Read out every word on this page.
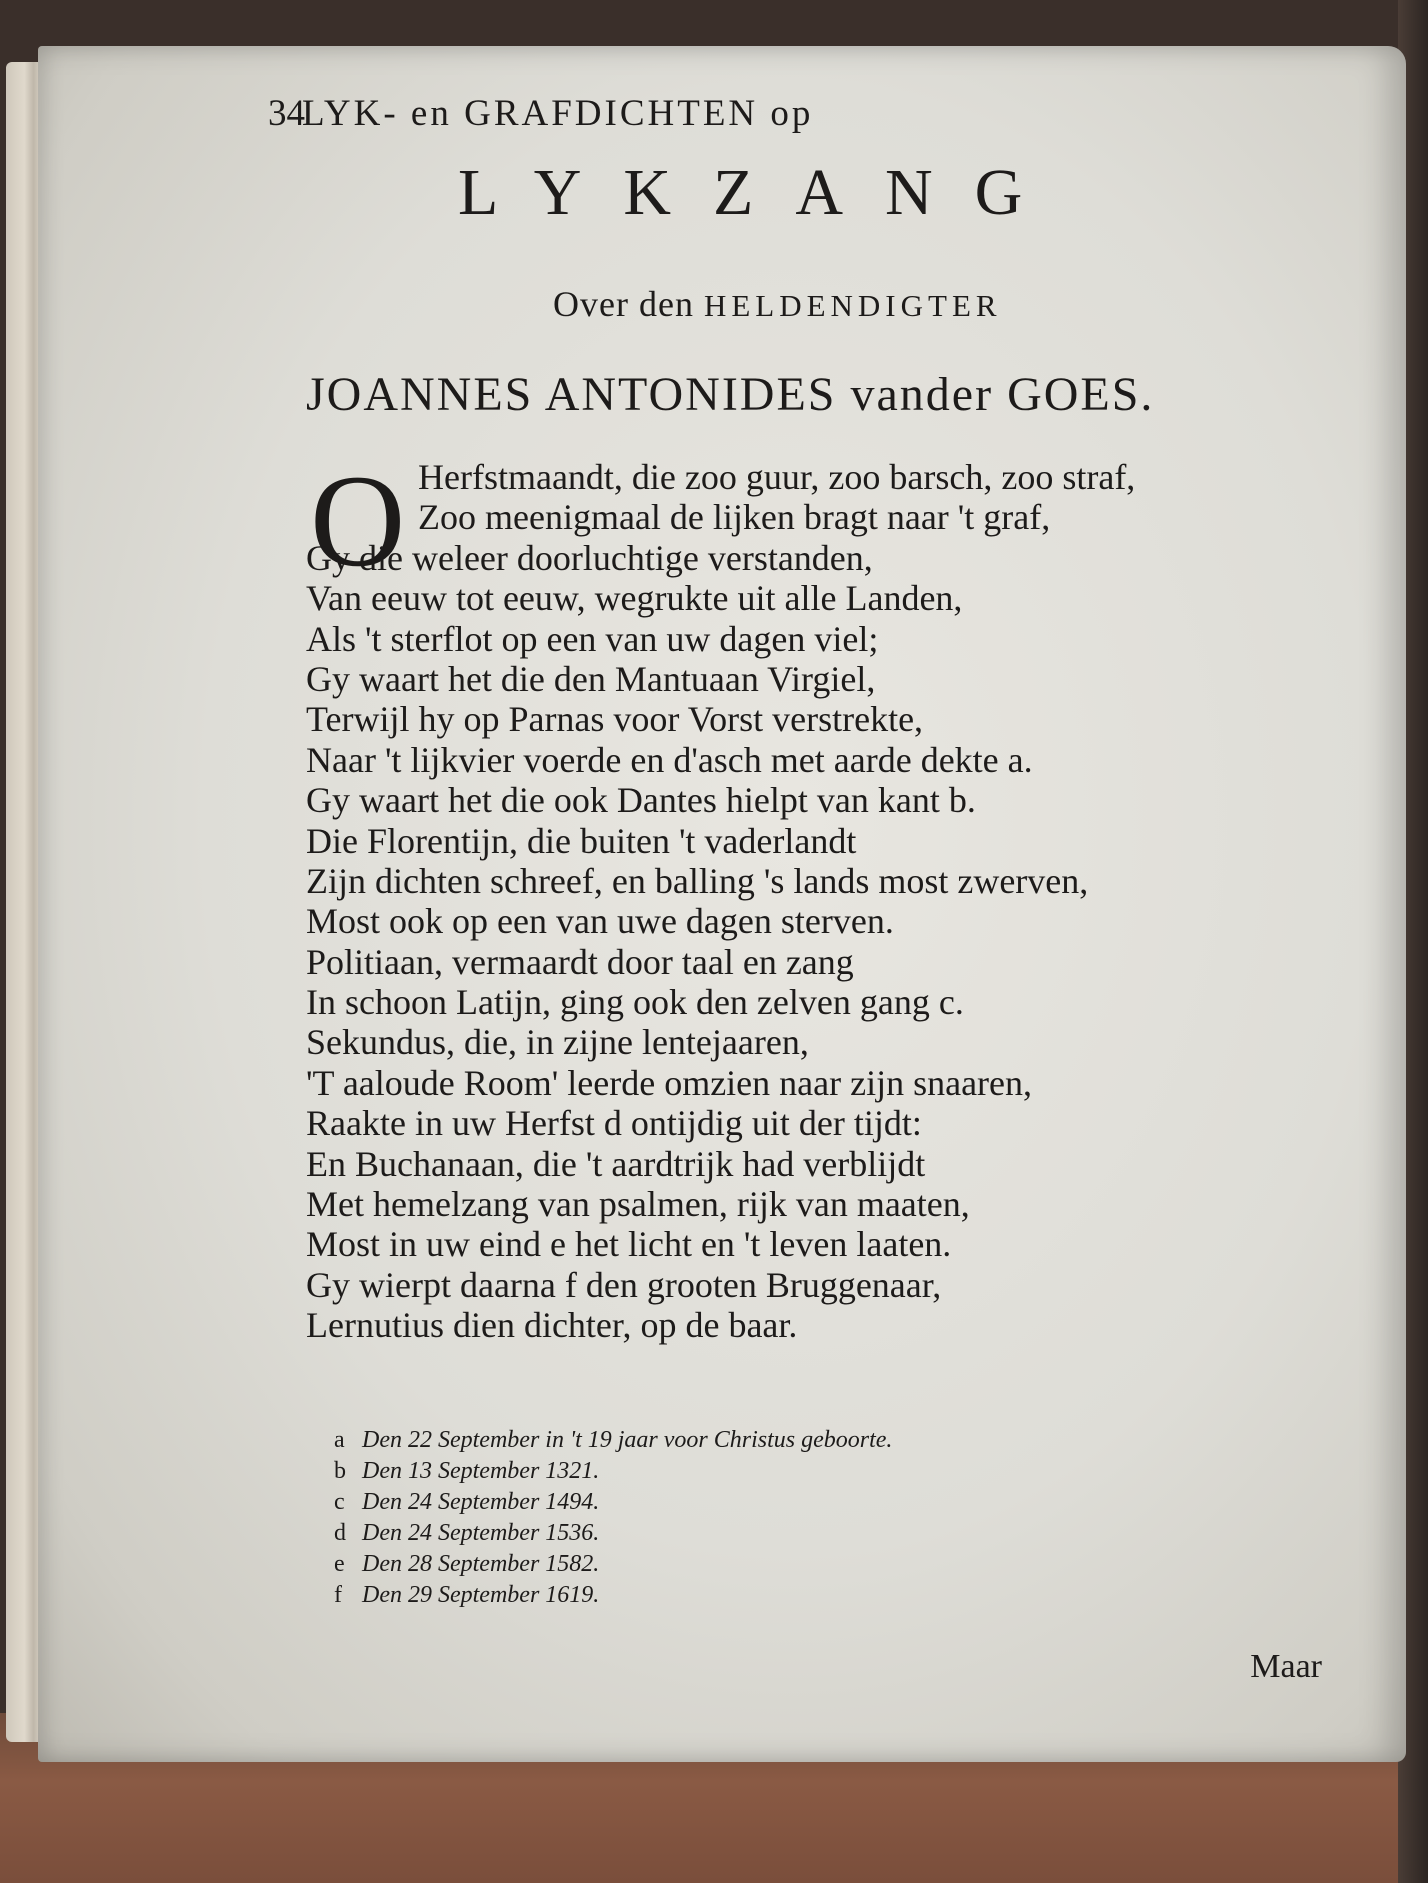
34
LYK- en GRAFDICHTEN op
LYKZANG
Over den HELDENDIGTER
JOANNES ANTONIDES vander GOES.
O Herfstmaandt, die zoo guur, zoo barsch, zoo straf,
Zoo meenigmaal de lijken bragt naar 't graf,
Gy die weleer doorluchtige verstanden,
Van eeuw tot eeuw, wegrukte uit alle Landen,
Als 't sterflot op een van uw dagen viel;
Gy waart het die den Mantuaan Virgiel,
Terwijl hy op Parnas voor Vorst verstrekte,
Naar 't lijkvier voerde en d'asch met aarde dekte a.
Gy waart het die ook Dantes hielpt van kant b.
Die Florentijn, die buiten 't vaderlandt
Zijn dichten schreef, en balling 's lands most zwerven,
Most ook op een van uwe dagen sterven.
Politiaan, vermaardt door taal en zang
In schoon Latijn, ging ook den zelven gang c.
Sekundus, die, in zijne lentejaaren,
'T aaloude Room' leerde omzien naar zijn snaaren,
Raakte in uw Herfst d ontijdig uit der tijdt:
En Buchanaan, die 't aardtrijk had verblijdt
Met hemelzang van psalmen, rijk van maaten,
Most in uw eind e het licht en 't leven laaten.
Gy wierpt daarna f den grooten Bruggenaar,
Lernutius dien dichter, op de baar.
a Den 22 September in 't 19 jaar voor Christus geboorte.
b Den 13 September 1321.
c Den 24 September 1494.
d Den 24 September 1536.
e Den 28 September 1582.
f Den 29 September 1619.
Maar
